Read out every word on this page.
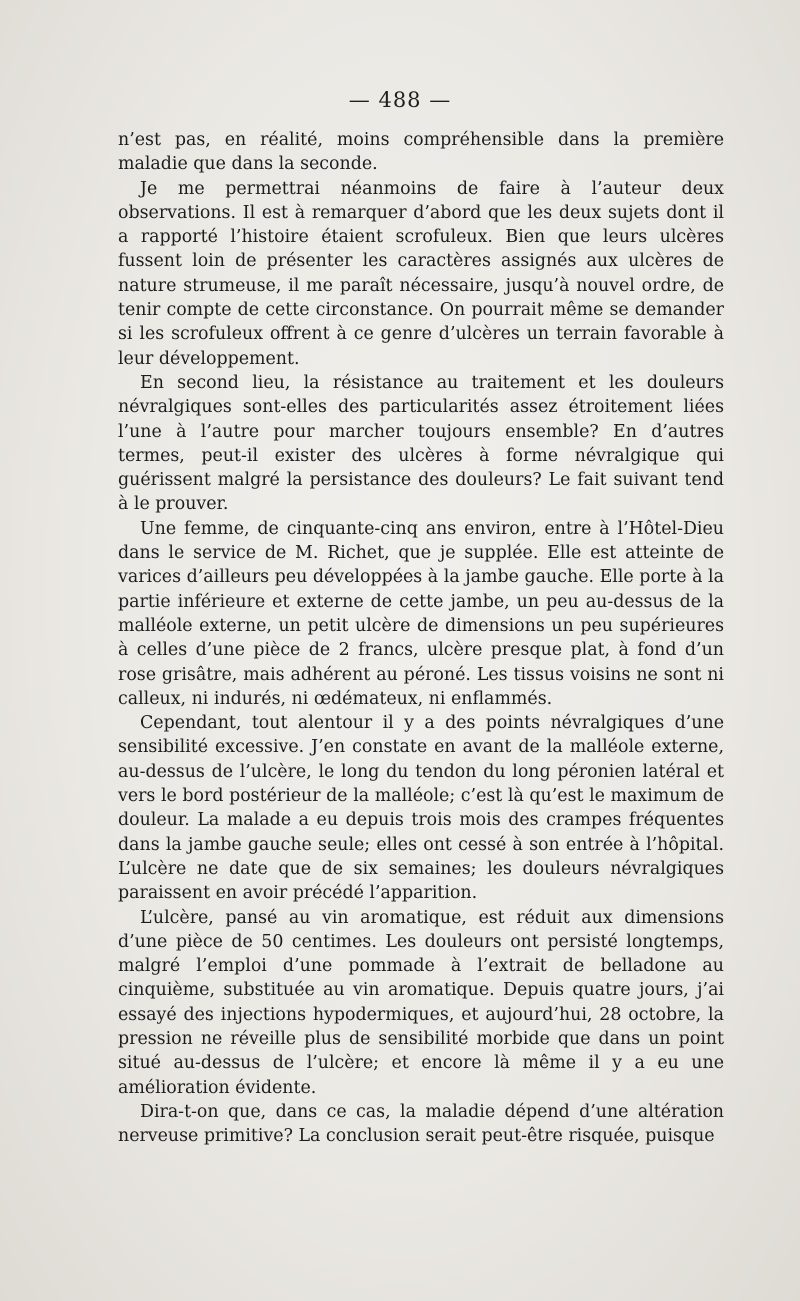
— 488 —

n’est pas, en réalité, moins compréhensible dans la première maladie que dans la seconde.

Je me permettrai néanmoins de faire à l’auteur deux observations. Il est à remarquer d’abord que les deux sujets dont il a rapporté l’histoire étaient scrofuleux. Bien que leurs ulcères fussent loin de présenter les caractères assignés aux ulcères de nature strumeuse, il me paraît nécessaire, jusqu’à nouvel ordre, de tenir compte de cette circonstance. On pourrait même se demander si les scrofuleux offrent à ce genre d’ulcères un terrain favorable à leur développement.

En second lieu, la résistance au traitement et les douleurs névralgiques sont-elles des particularités assez étroitement liées l’une à l’autre pour marcher toujours ensemble? En d’autres termes, peut-il exister des ulcères à forme névralgique qui guérissent malgré la persistance des douleurs? Le fait suivant tend à le prouver.

Une femme, de cinquante-cinq ans environ, entre à l’Hôtel-Dieu dans le service de M. Richet, que je supplée. Elle est atteinte de varices d’ailleurs peu développées à la jambe gauche. Elle porte à la partie inférieure et externe de cette jambe, un peu au-dessus de la malléole externe, un petit ulcère de dimensions un peu supérieures à celles d’une pièce de 2 francs, ulcère presque plat, à fond d’un rose grisâtre, mais adhérent au péroné. Les tissus voisins ne sont ni calleux, ni indurés, ni œdémateux, ni enflammés.

Cependant, tout alentour il y a des points névralgiques d’une sensibilité excessive. J’en constate en avant de la malléole externe, au-dessus de l’ulcère, le long du tendon du long péronien latéral et vers le bord postérieur de la malléole; c’est là qu’est le maximum de douleur. La malade a eu depuis trois mois des crampes fréquentes dans la jambe gauche seule; elles ont cessé à son entrée à l’hôpital. L’ulcère ne date que de six semaines; les douleurs névralgiques paraissent en avoir précédé l’apparition.

L’ulcère, pansé au vin aromatique, est réduit aux dimensions d’une pièce de 50 centimes. Les douleurs ont persisté longtemps, malgré l’emploi d’une pommade à l’extrait de belladone au cinquième, substituée au vin aromatique. Depuis quatre jours, j’ai essayé des injections hypodermiques, et aujourd’hui, 28 octobre, la pression ne réveille plus de sensibilité morbide que dans un point situé au-dessus de l’ulcère; et encore là même il y a eu une amélioration évidente.

Dira-t-on que, dans ce cas, la maladie dépend d’une altération nerveuse primitive? La conclusion serait peut-être risquée, puisque
